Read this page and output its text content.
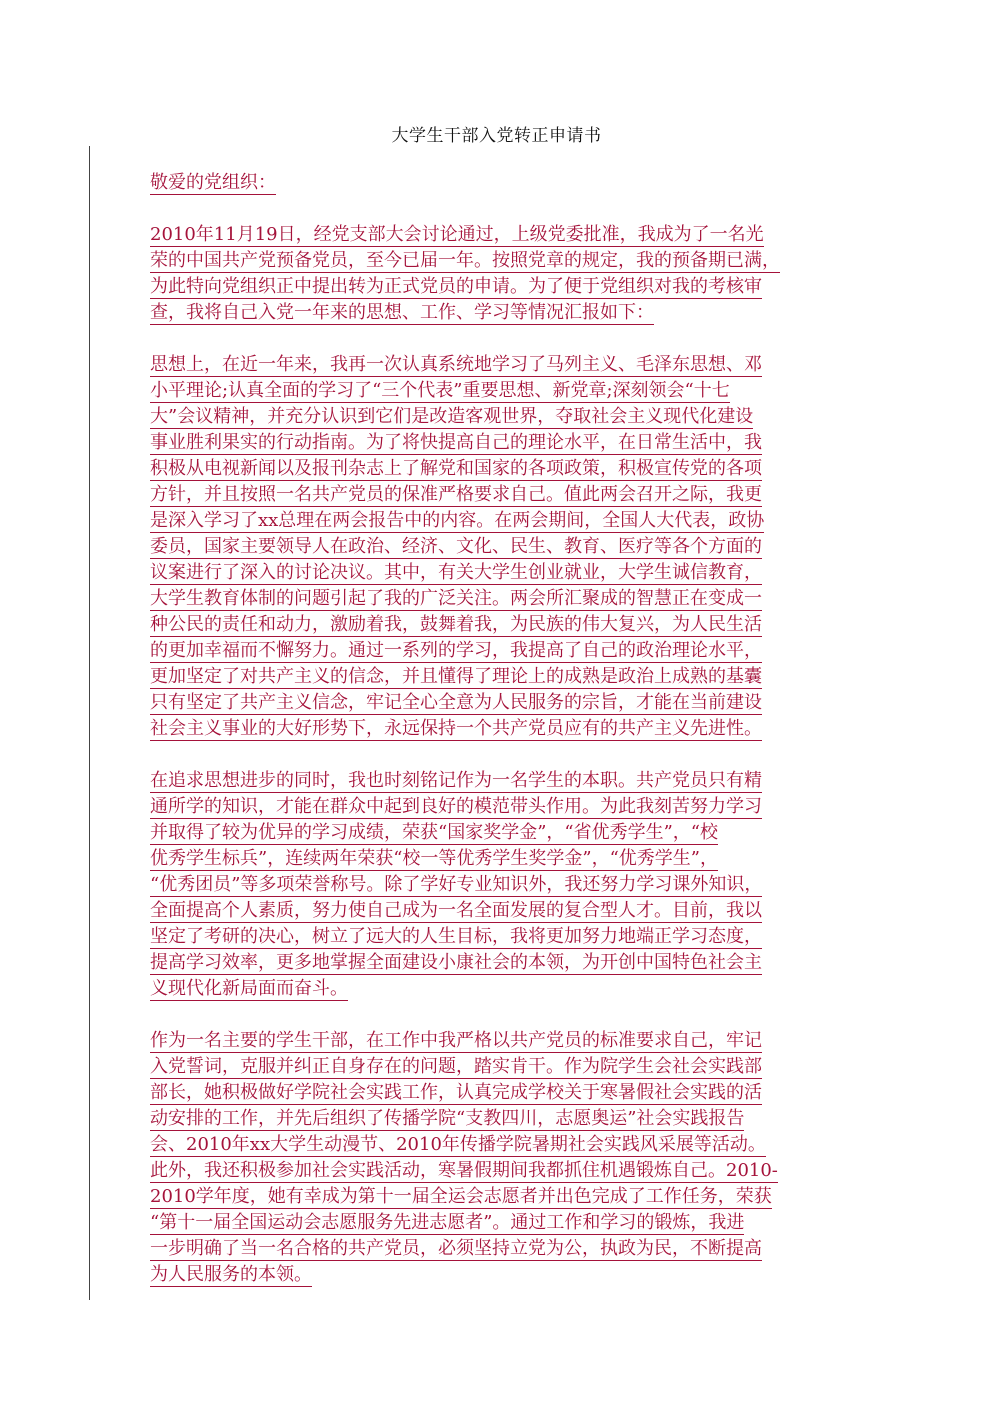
大学生干部入党转正申请书
敬爱的党组织：
2010年11月19日，经党支部大会讨论通过，上级党委批准，我成为了一名光
荣的中国共产党预备党员，至今已届一年。按照党章的规定，我的预备期已满，
为此特向党组织正中提出转为正式党员的申请。为了便于党组织对我的考核审
查，我将自己入党一年来的思想、工作、学习等情况汇报如下：
思想上，在近一年来，我再一次认真系统地学习了马列主义、毛泽东思想、邓
小平理论;认真全面的学习了“三个代表”重要思想、新党章;深刻领会“十七
大”会议精神，并充分认识到它们是改造客观世界，夺取社会主义现代化建设
事业胜利果实的行动指南。为了将快提高自己的理论水平，在日常生活中，我
积极从电视新闻以及报刊杂志上了解党和国家的各项政策，积极宣传党的各项
方针，并且按照一名共产党员的保准严格要求自己。值此两会召开之际，我更
是深入学习了xx总理在两会报告中的内容。在两会期间，全国人大代表，政协
委员，国家主要领导人在政治、经济、文化、民生、教育、医疗等各个方面的
议案进行了深入的讨论决议。其中，有关大学生创业就业，大学生诚信教育，
大学生教育体制的问题引起了我的广泛关注。两会所汇聚成的智慧正在变成一
种公民的责任和动力，激励着我，鼓舞着我，为民族的伟大复兴，为人民生活
的更加幸福而不懈努力。通过一系列的学习，我提高了自己的政治理论水平，
更加坚定了对共产主义的信念，并且懂得了理论上的成熟是政治上成熟的基囊
只有坚定了共产主义信念，牢记全心全意为人民服务的宗旨，才能在当前建设
社会主义事业的大好形势下，永远保持一个共产党员应有的共产主义先进性。
在追求思想进步的同时，我也时刻铭记作为一名学生的本职。共产党员只有精
通所学的知识，才能在群众中起到良好的模范带头作用。为此我刻苦努力学习
并取得了较为优异的学习成绩，荣获“国家奖学金”，“省优秀学生”，“校
优秀学生标兵”，连续两年荣获“校一等优秀学生奖学金”，“优秀学生”，
“优秀团员”等多项荣誉称号。除了学好专业知识外，我还努力学习课外知识，
全面提高个人素质，努力使自己成为一名全面发展的复合型人才。目前，我以
坚定了考研的决心，树立了远大的人生目标，我将更加努力地端正学习态度，
提高学习效率，更多地掌握全面建设小康社会的本领，为开创中国特色社会主
义现代化新局面而奋斗。
作为一名主要的学生干部，在工作中我严格以共产党员的标准要求自己，牢记
入党誓词，克服并纠正自身存在的问题，踏实肯干。作为院学生会社会实践部
部长，她积极做好学院社会实践工作，认真完成学校关于寒暑假社会实践的活
动安排的工作，并先后组织了传播学院“支教四川，志愿奥运”社会实践报告
会、2010年xx大学生动漫节、2010年传播学院暑期社会实践风采展等活动。
此外，我还积极参加社会实践活动，寒暑假期间我都抓住机遇锻炼自己。2010-
2010学年度，她有幸成为第十一届全运会志愿者并出色完成了工作任务，荣获
“第十一届全国运动会志愿服务先进志愿者”。通过工作和学习的锻炼，我进
一步明确了当一名合格的共产党员，必须坚持立党为公，执政为民，不断提高
为人民服务的本领。
